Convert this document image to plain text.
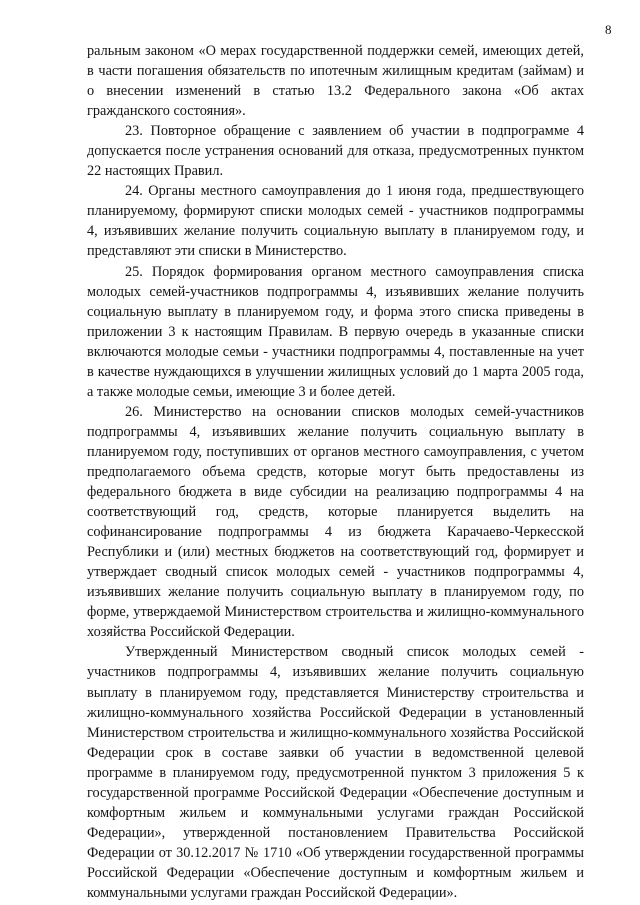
8

ральным законом «О мерах государственной поддержки семей, имеющих детей, в части погашения обязательств по ипотечным жилищным кредитам (займам) и о внесении изменений в статью 13.2 Федерального закона «Об актах гражданского состояния».

23. Повторное обращение с заявлением об участии в подпрограмме 4 допускается после устранения оснований для отказа, предусмотренных пунктом 22 настоящих Правил.

24. Органы местного самоуправления до 1 июня года, предшествующего планируемому, формируют списки молодых семей - участников подпрограммы 4, изъявивших желание получить социальную выплату в планируемом году, и представляют эти списки в Министерство.

25. Порядок формирования органом местного самоуправления списка молодых семей-участников подпрограммы 4, изъявивших желание получить социальную выплату в планируемом году, и форма этого списка приведены в приложении 3 к настоящим Правилам. В первую очередь в указанные списки включаются молодые семьи - участники подпрограммы 4, поставленные на учет в качестве нуждающихся в улучшении жилищных условий до 1 марта 2005 года, а также молодые семьи, имеющие 3 и более детей.

26. Министерство на основании списков молодых семей-участников подпрограммы 4, изъявивших желание получить социальную выплату в планируемом году, поступивших от органов местного самоуправления, с учетом предполагаемого объема средств, которые могут быть предоставлены из федерального бюджета в виде субсидии на реализацию подпрограммы 4 на соответствующий год, средств, которые планируется выделить на софинансирование подпрограммы 4 из бюджета Карачаево-Черкесской Республики и (или) местных бюджетов на соответствующий год, формирует и утверждает сводный список молодых семей - участников подпрограммы 4, изъявивших желание получить социальную выплату в планируемом году, по форме, утверждаемой Министерством строительства и жилищно-коммунального хозяйства Российской Федерации.

Утвержденный Министерством сводный список молодых семей - участников подпрограммы 4, изъявивших желание получить социальную выплату в планируемом году, представляется Министерству строительства и жилищно-коммунального хозяйства Российской Федерации в установленный Министерством строительства и жилищно-коммунального хозяйства Российской Федерации срок в составе заявки об участии в ведомственной целевой программе в планируемом году, предусмотренной пунктом 3 приложения 5 к государственной программе Российской Федерации «Обеспечение доступным и комфортным жильем и коммунальными услугами граждан Российской Федерации», утвержденной постановлением Правительства Российской Федерации от 30.12.2017 № 1710 «Об утверждении государственной программы Российской Федерации «Обеспечение доступным и комфортным жильем и коммунальными услугами граждан Российской Федерации».
